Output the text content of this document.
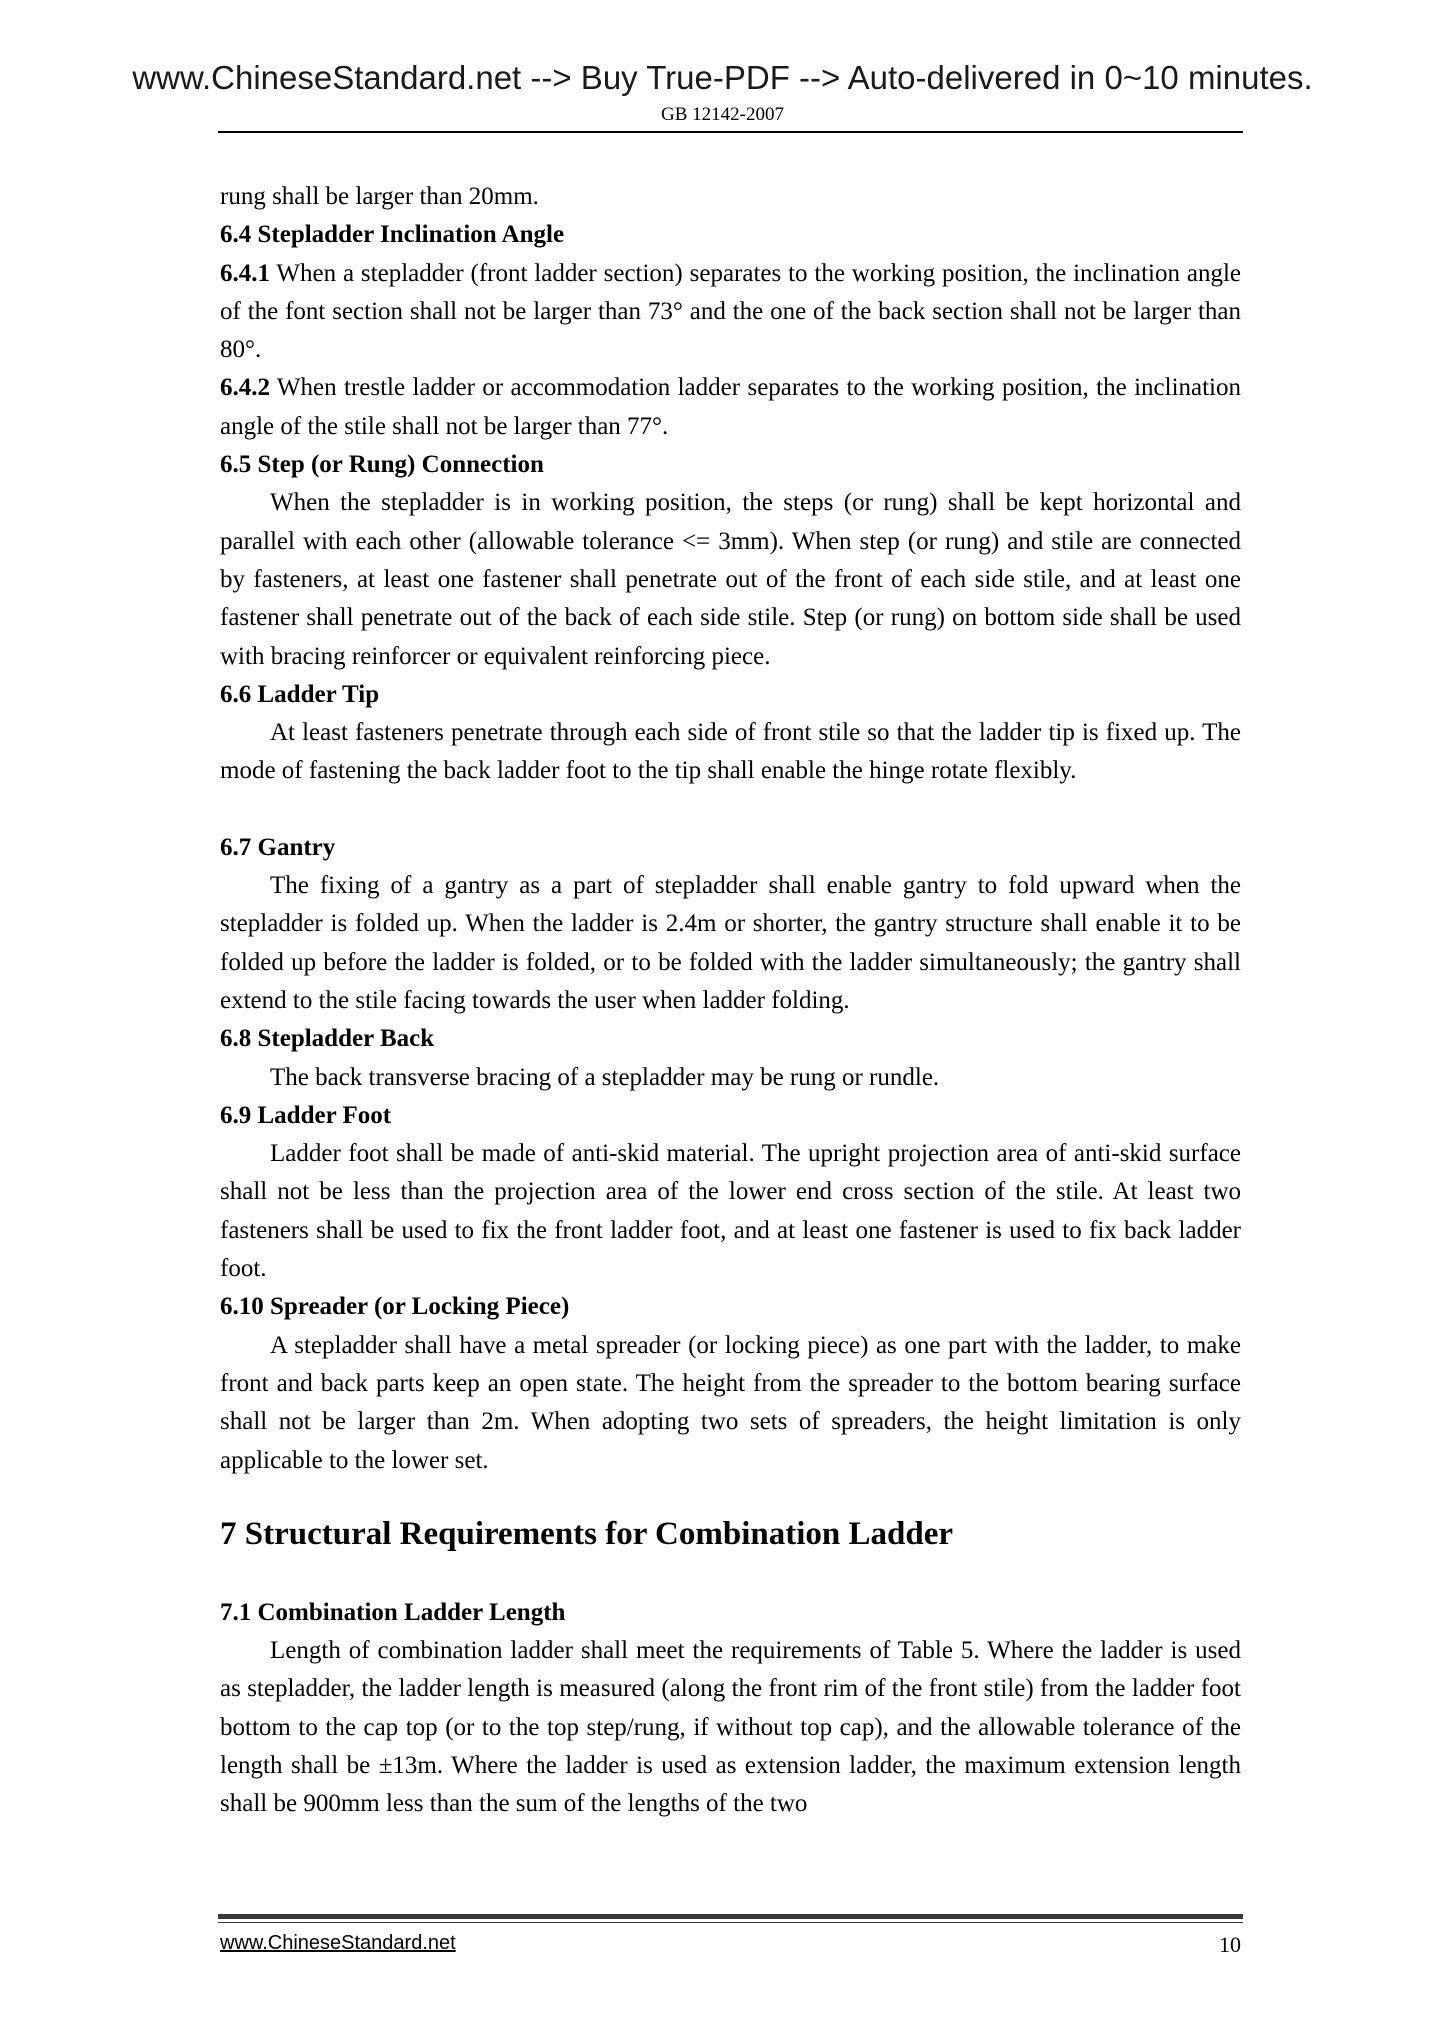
www.ChineseStandard.net --> Buy True-PDF --> Auto-delivered in 0~10 minutes.
GB 12142-2007

rung shall be larger than 20mm.

6.4 Stepladder Inclination Angle

6.4.1 When a stepladder (front ladder section) separates to the working position, the inclination angle of the font section shall not be larger than 73° and the one of the back section shall not be larger than 80°.

6.4.2 When trestle ladder or accommodation ladder separates to the working position, the inclination angle of the stile shall not be larger than 77°.

6.5 Step (or Rung) Connection

When the stepladder is in working position, the steps (or rung) shall be kept horizontal and parallel with each other (allowable tolerance <= 3mm). When step (or rung) and stile are connected by fasteners, at least one fastener shall penetrate out of the front of each side stile, and at least one fastener shall penetrate out of the back of each side stile. Step (or rung) on bottom side shall be used with bracing reinforcer or equivalent reinforcing piece.

6.6 Ladder Tip

At least fasteners penetrate through each side of front stile so that the ladder tip is fixed up. The mode of fastening the back ladder foot to the tip shall enable the hinge rotate flexibly.

6.7 Gantry

The fixing of a gantry as a part of stepladder shall enable gantry to fold upward when the stepladder is folded up. When the ladder is 2.4m or shorter, the gantry structure shall enable it to be folded up before the ladder is folded, or to be folded with the ladder simultaneously; the gantry shall extend to the stile facing towards the user when ladder folding.

6.8 Stepladder Back

The back transverse bracing of a stepladder may be rung or rundle.

6.9 Ladder Foot

Ladder foot shall be made of anti-skid material. The upright projection area of anti-skid surface shall not be less than the projection area of the lower end cross section of the stile. At least two fasteners shall be used to fix the front ladder foot, and at least one fastener is used to fix back ladder foot.

6.10 Spreader (or Locking Piece)

A stepladder shall have a metal spreader (or locking piece) as one part with the ladder, to make front and back parts keep an open state. The height from the spreader to the bottom bearing surface shall not be larger than 2m. When adopting two sets of spreaders, the height limitation is only applicable to the lower set.

7 Structural Requirements for Combination Ladder

7.1 Combination Ladder Length

Length of combination ladder shall meet the requirements of Table 5. Where the ladder is used as stepladder, the ladder length is measured (along the front rim of the front stile) from the ladder foot bottom to the cap top (or to the top step/rung, if without top cap), and the allowable tolerance of the length shall be ±13m. Where the ladder is used as extension ladder, the maximum extension length shall be 900mm less than the sum of the lengths of the two

www.ChineseStandard.net	10
